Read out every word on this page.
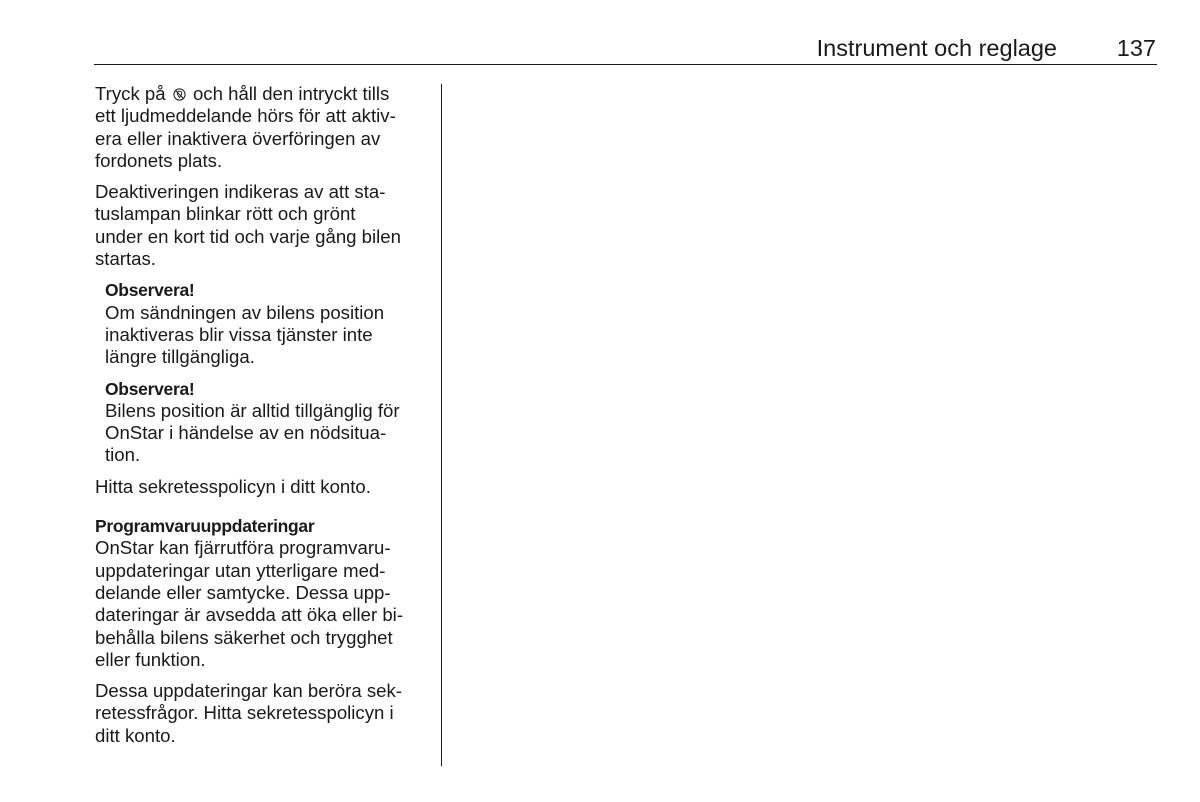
Instrument och reglage	137
Tryck på och håll den intryckt tills
ett ljudmeddelande hörs för att aktiv-
era eller inaktivera överföringen av
fordonets plats.
Deaktiveringen indikeras av att sta-
tuslampan blinkar rött och grönt
under en kort tid och varje gång bilen
startas.
Observera!
Om sändningen av bilens position
inaktiveras blir vissa tjänster inte
längre tillgängliga.
Observera!
Bilens position är alltid tillgänglig för
OnStar i händelse av en nödsitua-
tion.
Hitta sekretesspolicyn i ditt konto.
Programvaruuppdateringar
OnStar kan fjärrutföra programvaru-
uppdateringar utan ytterligare med-
delande eller samtycke. Dessa upp-
dateringar är avsedda att öka eller bi-
behålla bilens säkerhet och trygghet
eller funktion.
Dessa uppdateringar kan beröra sek-
retessfrågor. Hitta sekretesspolicyn i
ditt konto.
